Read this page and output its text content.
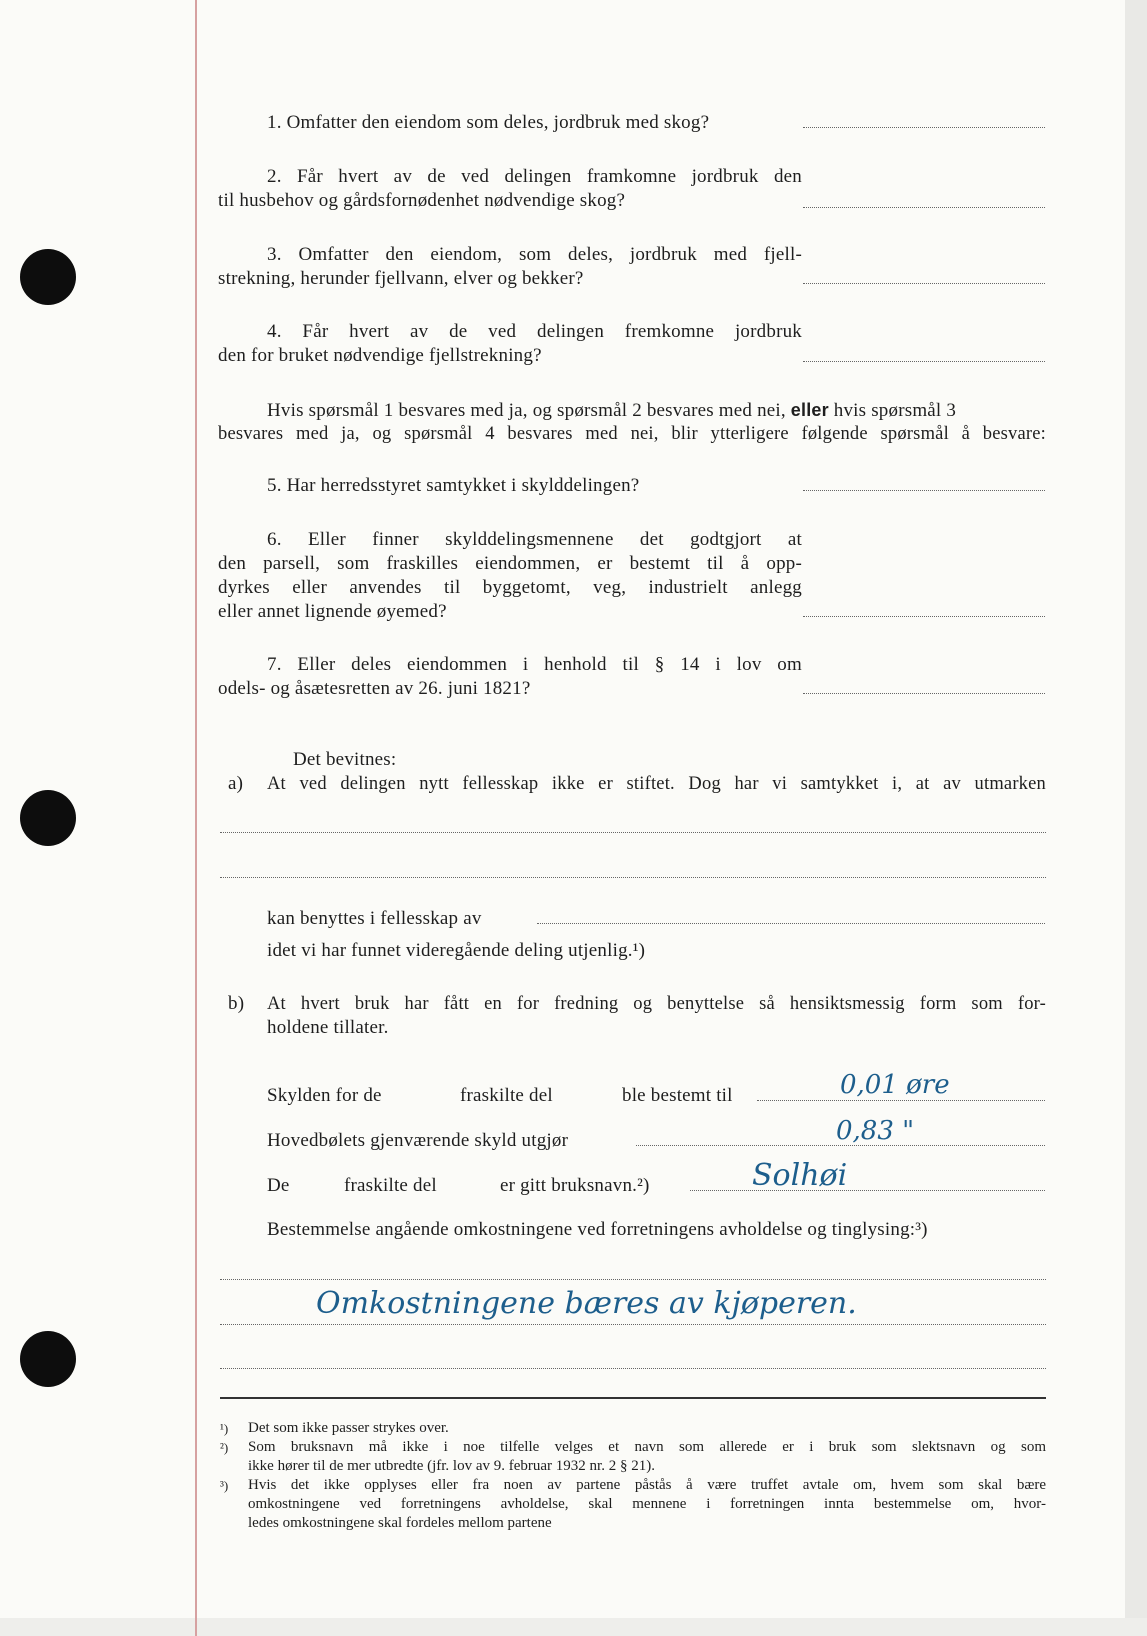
1. Omfatter den eiendom som deles, jordbruk med skog?
2. Får hvert av de ved delingen framkomne jordbruk den
til husbehov og gårdsfornødenhet nødvendige skog?
3. Omfatter den eiendom, som deles, jordbruk med fjell-
strekning, herunder fjellvann, elver og bekker?
4. Får hvert av de ved delingen fremkomne jordbruk
den for bruket nødvendige fjellstrekning?
Hvis spørsmål 1 besvares med ja, og spørsmål 2 besvares med nei, eller hvis spørsmål 3
besvares med ja, og spørsmål 4 besvares med nei, blir ytterligere følgende spørsmål å besvare:
5. Har herredsstyret samtykket i skylddelingen?
6. Eller finner skylddelingsmennene det godtgjort at
den parsell, som fraskilles eiendommen, er bestemt til å opp-
dyrkes eller anvendes til byggetomt, veg, industrielt anlegg
eller annet lignende øyemed?
7. Eller deles eiendommen i henhold til § 14 i lov om
odels- og åsætesretten av 26. juni 1821?
Det bevitnes:
a) At ved delingen nytt fellesskap ikke er stiftet. Dog har vi samtykket i, at av utmarken
kan benyttes i fellesskap av
idet vi har funnet videregående deling utjenlig.¹)
b) At hvert bruk har fått en for fredning og benyttelse så hensiktsmessig form som for-
holdene tillater.
Skylden for de	fraskilte del	ble bestemt til	0,01 øre
Hovedbølets gjenværende skyld utgjør	0,83 "
De	fraskilte del	er gitt bruksnavn.²)	Solhøi
Bestemmelse angående omkostningene ved forretningens avholdelse og tinglysing:³)
Omkostningene bæres av kjøperen.
¹) Det som ikke passer strykes over.
²) Som bruksnavn må ikke i noe tilfelle velges et navn som allerede er i bruk som slektsnavn og som
ikke hører til de mer utbredte (jfr. lov av 9. februar 1932 nr. 2 § 21).
³) Hvis det ikke opplyses eller fra noen av partene påstås å være truffet avtale om, hvem som skal bære
omkostningene ved forretningens avholdelse, skal mennene i forretningen innta bestemmelse om, hvor-
ledes omkostningene skal fordeles mellom partene
